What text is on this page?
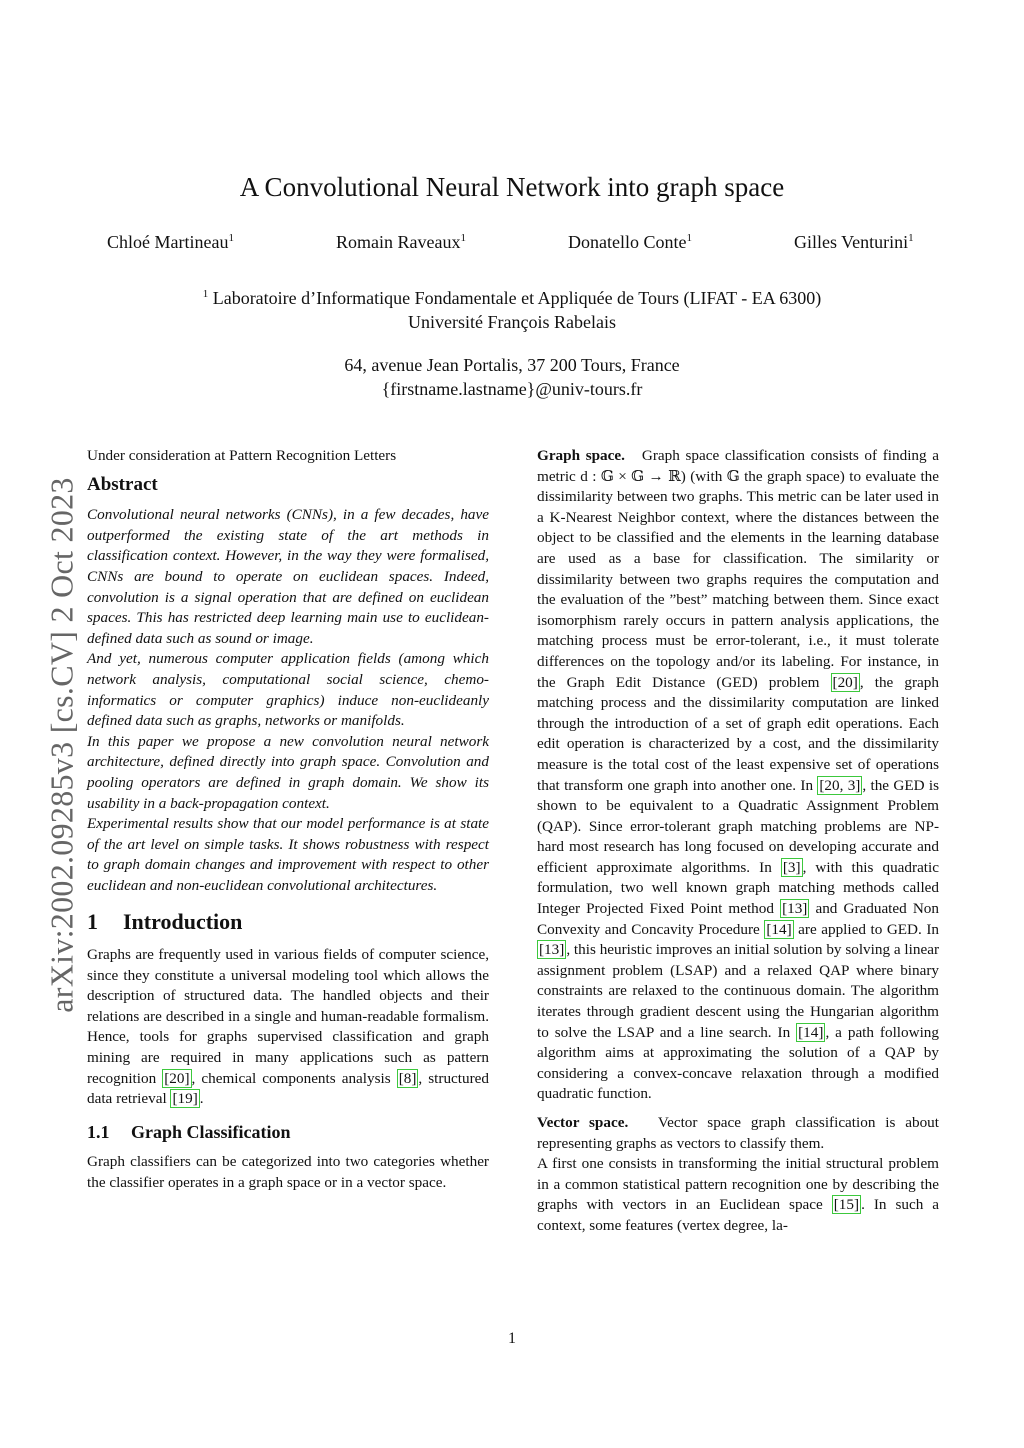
arXiv:2002.09285v3 [cs.CV] 2 Oct 2023
A Convolutional Neural Network into graph space
Chloé Martineau$^1$	Romain Raveaux$^1$	Donatello Conte$^1$	Gilles Venturini$^1$
$^1$ Laboratoire d’Informatique Fondamentale et Appliquée de Tours (LIFAT - EA 6300)
Université François Rabelais
64, avenue Jean Portalis, 37 200 Tours, France
{firstname.lastname}@univ-tours.fr

Under consideration at Pattern Recognition Letters

Abstract

Convolutional neural networks (CNNs), in a few decades, have outperformed the existing state of the art methods in classification context. However, in the way they were formalised, CNNs are bound to operate on euclidean spaces. Indeed, convolution is a signal operation that are defined on euclidean spaces. This has restricted deep learning main use to euclidean-defined data such as sound or image.

And yet, numerous computer application fields (among which network analysis, computational social science, chemo-informatics or computer graphics) induce non-euclideanly defined data such as graphs, networks or manifolds.

In this paper we propose a new convolution neural network architecture, defined directly into graph space. Convolution and pooling operators are defined in graph domain. We show its usability in a back-propagation context.

Experimental results show that our model performance is at state of the art level on simple tasks. It shows robustness with respect to graph domain changes and improvement with respect to other euclidean and non-euclidean convolutional architectures.

1 Introduction

Graphs are frequently used in various fields of computer science, since they constitute a universal modeling tool which allows the description of structured data. The handled objects and their relations are described in a single and human-readable formalism. Hence, tools for graphs supervised classification and graph mining are required in many applications such as pattern recognition [20] , chemical components analysis [8] , structured data retrieval [19] .

1.1 Graph Classification

Graph classifiers can be categorized into two categories whether the classifier operates in a graph space or in a vector space.

Graph space. Graph space classification consists of finding a metric d : 𝔾 × 𝔾 → ℝ) (with 𝔾 the graph space) to evaluate the dissimilarity between two graphs. This metric can be later used in a K-Nearest Neighbor context, where the distances between the object to be classified and the elements in the learning database are used as a base for classification. The similarity or dissimilarity between two graphs requires the computation and the evaluation of the ”best” matching between them. Since exact isomorphism rarely occurs in pattern analysis applications, the matching process must be error-tolerant, i.e., it must tolerate differences on the topology and/or its labeling. For instance, in the Graph Edit Distance (GED) problem [20] , the graph matching process and the dissimilarity computation are linked through the introduction of a set of graph edit operations. Each edit operation is characterized by a cost, and the dissimilarity measure is the total cost of the least expensive set of operations that transform one graph into another one. In [20, 3] , the GED is shown to be equivalent to a Quadratic Assignment Problem (QAP). Since error-tolerant graph matching problems are NP-hard most research has long focused on developing accurate and efficient approximate algorithms. In [3] , with this quadratic formulation, two well known graph matching methods called Integer Projected Fixed Point method [13] and Graduated Non Convexity and Concavity Procedure [14] are applied to GED. In [13] , this heuristic improves an initial solution by solving a linear assignment problem (LSAP) and a relaxed QAP where binary constraints are relaxed to the continuous domain. The algorithm iterates through gradient descent using the Hungarian algorithm to solve the LSAP and a line search. In [14] , a path following algorithm aims at approximating the solution of a QAP by considering a convex-concave relaxation through a modified quadratic function.

Vector space. Vector space graph classification is about representing graphs as vectors to classify them.

A first one consists in transforming the initial structural problem in a common statistical pattern recognition one by describing the graphs with vectors in an Euclidean space [15] . In such a context, some features (vertex degree, la-

1
